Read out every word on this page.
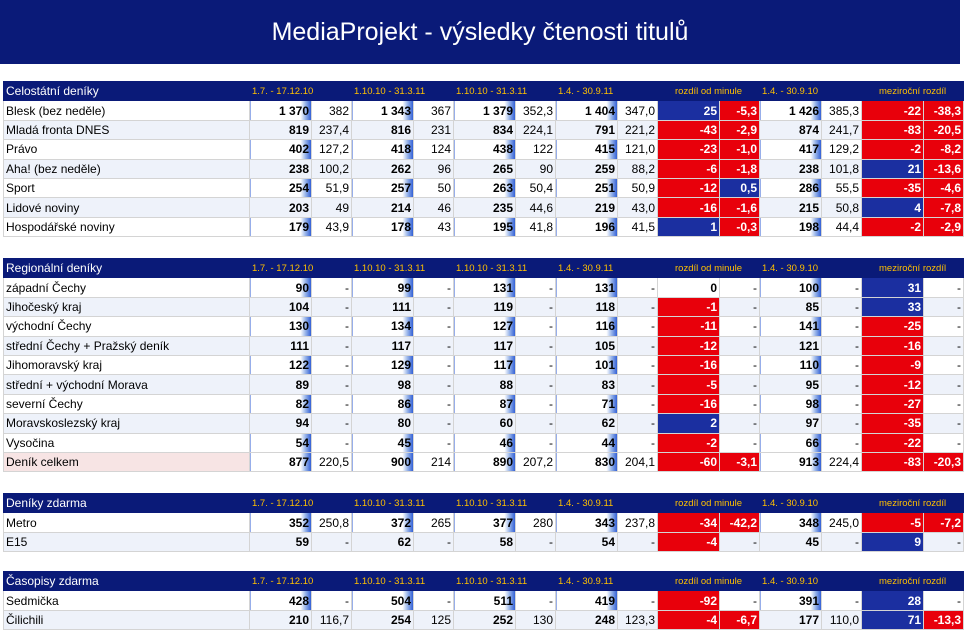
MediaProjekt - výsledky čtenosti titulů
Celostátní deníky	1.7. - 17.12.10		1.10.10 - 31.3.11		1.10.10 - 31.3.11		1.4. - 30.9.11		rozdíl od minule		1.4. - 30.9.10		meziroční rozdíl	
Blesk (bez neděle)	1 370	382	1 343	367	1 379	352,3	1 404	347,0	25	-5,3	1 426	385,3	-22	-38,3
Mladá fronta DNES	819	237,4	816	231	834	224,1	791	221,2	-43	-2,9	874	241,7	-83	-20,5
Právo	402	127,2	418	124	438	122	415	121,0	-23	-1,0	417	129,2	-2	-8,2
Aha! (bez neděle)	238	100,2	262	96	265	90	259	88,2	-6	-1,8	238	101,8	21	-13,6
Sport	254	51,9	257	50	263	50,4	251	50,9	-12	0,5	286	55,5	-35	-4,6
Lidové noviny	203	49	214	46	235	44,6	219	43,0	-16	-1,6	215	50,8	4	-7,8
Hospodářské noviny	179	43,9	178	43	195	41,8	196	41,5	1	-0,3	198	44,4	-2	-2,9
Regionální deníky	1.7. - 17.12.10		1.10.10 - 31.3.11		1.10.10 - 31.3.11		1.4. - 30.9.11		rozdíl od minule		1.4. - 30.9.10		meziroční rozdíl	
západní Čechy	90	-	99	-	131	-	131	-	0	-	100	-	31	-
Jihočeský kraj	104	-	111	-	119	-	118	-	-1	-	85	-	33	-
východní Čechy	130	-	134	-	127	-	116	-	-11	-	141	-	-25	-
střední Čechy + Pražský deník	111	-	117	-	117	-	105	-	-12	-	121	-	-16	-
Jihomoravský kraj	122	-	129	-	117	-	101	-	-16	-	110	-	-9	-
střední + východní Morava	89	-	98	-	88	-	83	-	-5	-	95	-	-12	-
severní Čechy	82	-	86	-	87	-	71	-	-16	-	98	-	-27	-
Moravskoslezský kraj	94	-	80	-	60	-	62	-	2	-	97	-	-35	-
Vysočina	54	-	45	-	46	-	44	-	-2	-	66	-	-22	-
Deník celkem	877	220,5	900	214	890	207,2	830	204,1	-60	-3,1	913	224,4	-83	-20,3
Deníky zdarma	1.7. - 17.12.10		1.10.10 - 31.3.11		1.10.10 - 31.3.11		1.4. - 30.9.11		rozdíl od minule		1.4. - 30.9.10		meziroční rozdíl	
Metro	352	250,8	372	265	377	280	343	237,8	-34	-42,2	348	245,0	-5	-7,2
E15	59	-	62	-	58	-	54	-	-4	-	45	-	9	-
Časopisy zdarma	1.7. - 17.12.10		1.10.10 - 31.3.11		1.10.10 - 31.3.11		1.4. - 30.9.11		rozdíl od minule		1.4. - 30.9.10		meziroční rozdíl	
Sedmička	428	-	504	-	511	-	419	-	-92	-	391	-	28	-
Čilichili	210	116,7	254	125	252	130	248	123,3	-4	-6,7	177	110,0	71	-13,3
